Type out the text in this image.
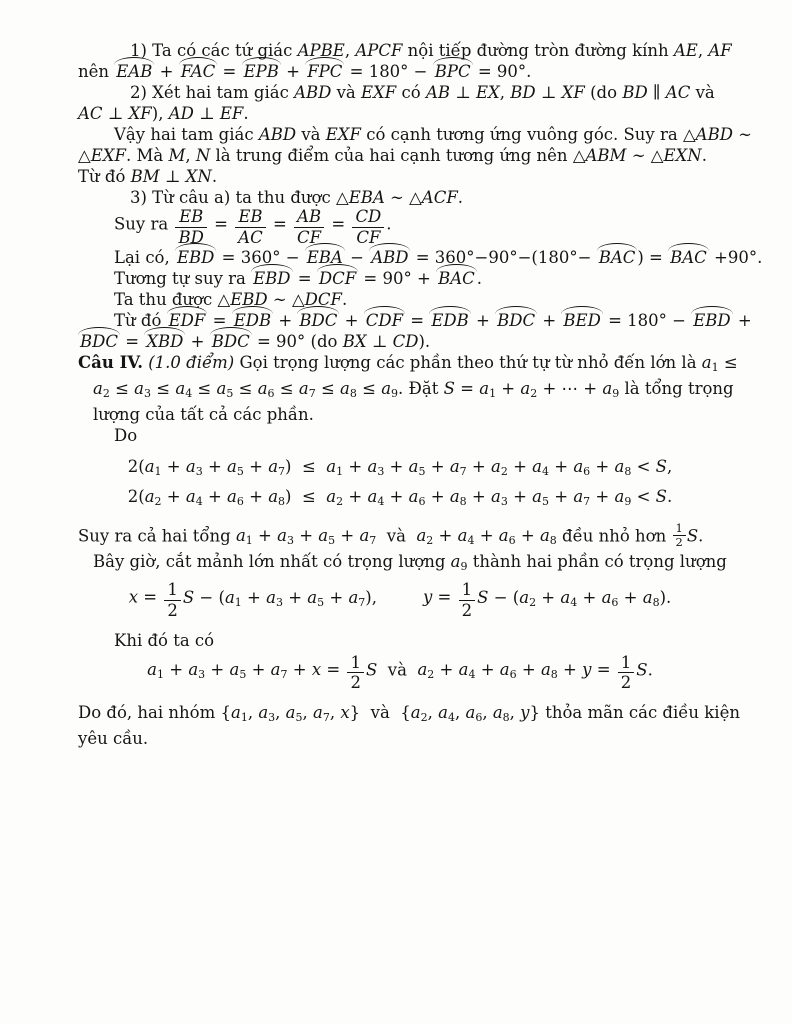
1) Ta có các tứ giác APBE, APCF nội tiếp đường tròn đường kính AE, AF
nên EAB + FAC = EPB + FPC = 180° − BPC = 90°.
2) Xét hai tam giác ABD và EXF có AB ⊥ EX, BD ⊥ XF (do BD ∥ AC và
AC ⊥ XF), AD ⊥ EF.
Vậy hai tam giác ABD và EXF có cạnh tương ứng vuông góc. Suy ra △ABD ∼
△EXF. Mà M, N là trung điểm của hai cạnh tương ứng nên △ABM ∼ △EXN.
Từ đó BM ⊥ XN.
3) Từ câu a) ta thu được △EBA ∼ △ACF.
Suy ra $\frac{EB}{BD} = \frac{EB}{AC} = \frac{AB}{CF} = \frac{CD}{CF}$ .
Lại có, EBD = 360° − EBA − ABD = 360°−90°−(180°− BAC ) = BAC +90°.
Tương tự suy ra EBD = DCF = 90° + BAC .
Ta thu được △EBD ∼ △DCF.
Từ đó EDF = EDB + BDC + CDF = EDB + BDC + BED = 180° − EBD +
BDC = XBD + BDC = 90° (do BX ⊥ CD).
Câu IV. (1.0 điểm) Gọi trọng lượng các phần theo thứ tự từ nhỏ đến lớn là $a_1$ ≤
$a_2 \le a_3 \le a_4 \le a_5 \le a_6 \le a_7 \le a_8 \le a_9$. Đặt $S = a_1 + a_2$ + ⋯ + $a_9$ là tổng trọng
lượng của tất cả các phần.
Do
$2(a_1 + a_3 + a_5 + a_7) \le a_1 + a_3 + a_5 + a_7 + a_2 + a_4 + a_6 + a_8 < S$,
$2(a_2 + a_4 + a_6 + a_8) \le a_2 + a_4 + a_6 + a_8 + a_3 + a_5 + a_7 + a_9 < S$.
Suy ra cả hai tổng $a_1 + a_3 + a_5 + a_7$  và  $a_2 + a_4 + a_6 + a_8$ đều nhỏ hơn $\frac{1}{2} S$.
Bây giờ, cắt mảnh lớn nhất có trọng lượng $a_9$ thành hai phần có trọng lượng
$x = \frac{1}{2}$ $S - (a_1 + a_3 + a_5 + a_7)$,	$y = \frac{1}{2}$ $S - (a_2 + a_4 + a_6 + a_8)$.
Khi đó ta có
$a_1 + a_3 + a_5 + a_7 + x = \frac{1}{2}$ S  và  $a_2 + a_4 + a_6 + a_8 + y = \frac{1}{2} S$.
Do đó, hai nhóm {$a_1$, $a_3$, $a_5$, $a_7$, x}  và  {$a_2$, $a_4$, $a_6$, $a_8$, y} thỏa mãn các điều kiện
yêu cầu.
